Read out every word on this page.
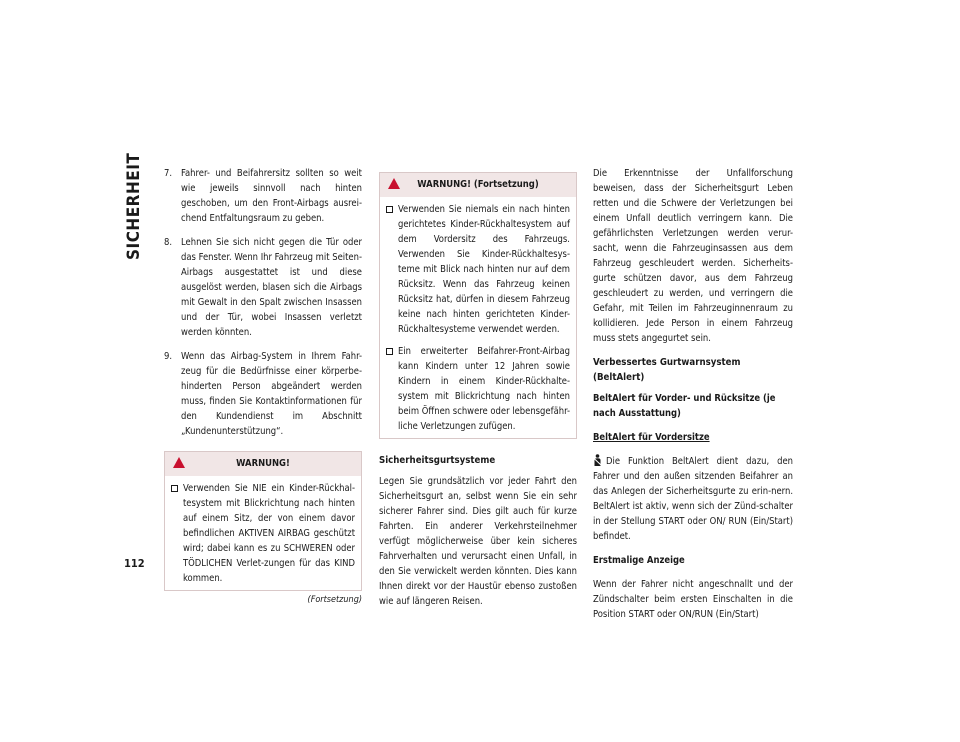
SICHERHEIT
112
7. Fahrer- und Beifahrersitz sollten so weit wie jeweils sinnvoll nach hinten geschoben, um den Front-Airbags ausrei-chend Entfaltungsraum zu geben.
8. Lehnen Sie sich nicht gegen die Tür oder das Fenster. Wenn Ihr Fahrzeug mit Seiten-Airbags ausgestattet ist und diese ausgelöst werden, blasen sich die Airbags mit Gewalt in den Spalt zwischen Insassen und der Tür, wobei Insassen verletzt werden könnten.
9. Wenn das Airbag-System in Ihrem Fahr-zeug für die Bedürfnisse einer körperbe-hinderten Person abgeändert werden muss, finden Sie Kontaktinformationen für den Kundendienst im Abschnitt „Kundenunterstützung“.
WARNUNG!
Verwenden Sie NIE ein Kinder-Rückhal-tesystem mit Blickrichtung nach hinten auf einem Sitz, der von einem davor befindlichen AKTIVEN AIRBAG geschützt wird; dabei kann es zu SCHWEREN oder TÖDLICHEN Verlet-zungen für das KIND kommen.
(Fortsetzung)
WARNUNG! (Fortsetzung)
Verwenden Sie niemals ein nach hinten gerichtetes Kinder-Rückhaltesystem auf dem Vordersitz des Fahrzeugs. Verwenden Sie Kinder-Rückhaltesys-teme mit Blick nach hinten nur auf dem Rücksitz. Wenn das Fahrzeug keinen Rücksitz hat, dürfen in diesem Fahrzeug keine nach hinten gerichteten Kinder-Rückhaltesysteme verwendet werden.
Ein erweiterter Beifahrer-Front-Airbag kann Kindern unter 12 Jahren sowie Kindern in einem Kinder-Rückhalte-system mit Blickrichtung nach hinten beim Öffnen schwere oder lebensgefähr-liche Verletzungen zufügen.
Sicherheitsgurtsysteme
Legen Sie grundsätzlich vor jeder Fahrt den Sicherheitsgurt an, selbst wenn Sie ein sehr sicherer Fahrer sind. Dies gilt auch für kurze Fahrten. Ein anderer Verkehrsteilnehmer verfügt möglicherweise über kein sicheres Fahrverhalten und verursacht einen Unfall, in den Sie verwickelt werden könnten. Dies kann Ihnen direkt vor der Haustür ebenso zustoßen wie auf längeren Reisen.
Die Erkenntnisse der Unfallforschung beweisen, dass der Sicherheitsgurt Leben retten und die Schwere der Verletzungen bei einem Unfall deutlich verringern kann. Die gefährlichsten Verletzungen werden verur-sacht, wenn die Fahrzeuginsassen aus dem Fahrzeug geschleudert werden. Sicherheits-gurte schützen davor, aus dem Fahrzeug geschleudert zu werden, und verringern die Gefahr, mit Teilen im Fahrzeuginnenraum zu kollidieren. Jede Person in einem Fahrzeug muss stets angegurtet sein.
Verbessertes Gurtwarnsystem (BeltAlert)
BeltAlert für Vorder- und Rücksitze (je nach Ausstattung)
BeltAlert für Vordersitze
Die Funktion BeltAlert dient dazu, den Fahrer und den außen sitzenden Beifahrer an das Anlegen der Sicherheitsgurte zu erin-nern. BeltAlert ist aktiv, wenn sich der Zünd-schalter in der Stellung START oder ON/ RUN (Ein/Start) befindet.
Erstmalige Anzeige
Wenn der Fahrer nicht angeschnallt und der Zündschalter beim ersten Einschalten in die Position START oder ON/RUN (Ein/Start)
